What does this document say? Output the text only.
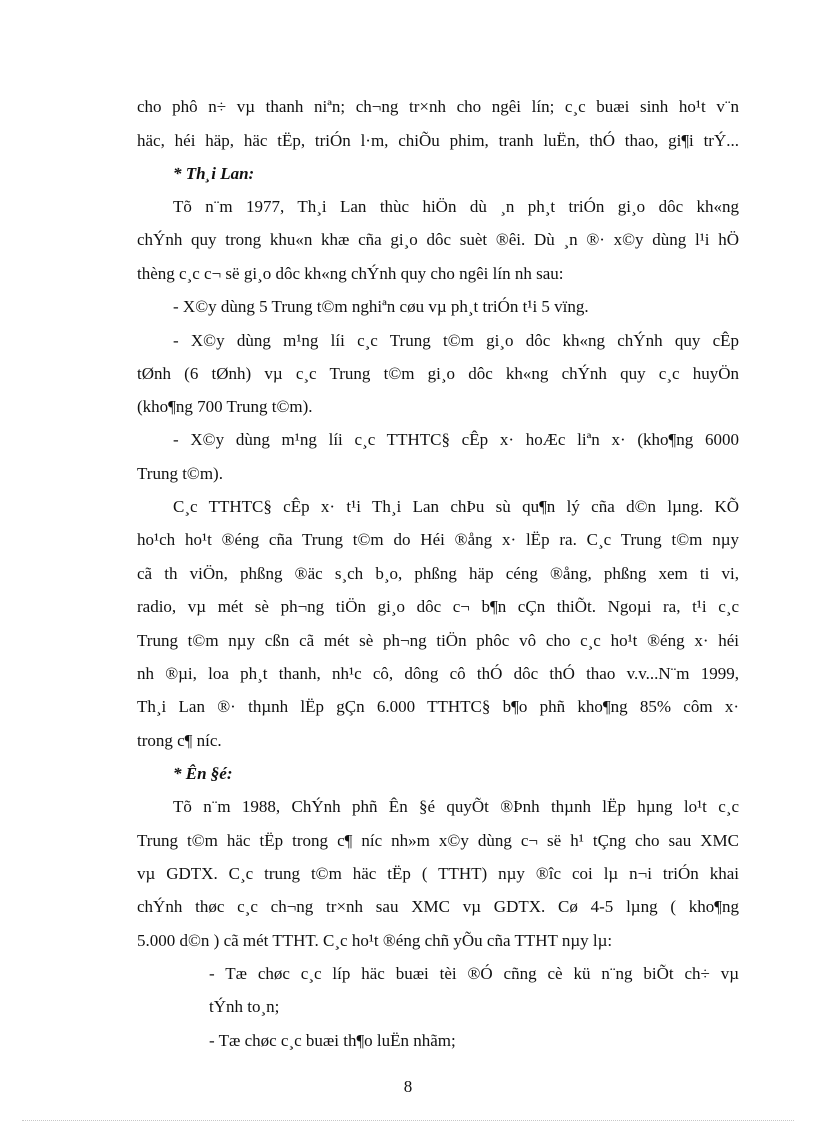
cho phô n÷ vµ thanh niªn; ch¬ng tr×nh cho ngêi lín; c¸c buæi sinh ho¹t v¨n
häc, héi häp, häc tËp, triÓn l·m, chiÕu phim, tranh luËn, thÓ thao, gi¶i trÝ...
* Th¸i Lan:
Tõ n¨m 1977, Th¸i Lan thùc hiÖn dù ¸n ph¸t triÓn gi¸o dôc kh«ng
chÝnh quy trong khu«n khæ cña gi¸o dôc suèt ®êi. Dù ¸n ®· x©y dùng l¹i hÖ
thèng c¸c c¬ së gi¸o dôc kh«ng chÝnh quy cho ngêi lín nh sau:
- X©y dùng 5 Trung t©m nghiªn cøu vµ ph¸t triÓn t¹i 5 vïng.
- X©y dùng m¹ng líi c¸c Trung t©m gi¸o dôc kh«ng chÝnh quy cÊp
tØnh (6 tØnh) vµ c¸c Trung t©m gi¸o dôc kh«ng chÝnh quy c¸c huyÖn
(kho¶ng 700 Trung t©m).
- X©y dùng m¹ng líi c¸c TTHTC§ cÊp x· hoÆc liªn x· (kho¶ng 6000
Trung t©m).
C¸c TTHTC§ cÊp x· t¹i Th¸i Lan chÞu sù qu¶n lý cña d©n lµng. KÕ
ho¹ch ho¹t ®éng cña Trung t©m do Héi ®ång x· lËp ra. C¸c Trung t©m nµy
cã th viÖn, phßng ®äc s¸ch b¸o, phßng häp céng ®ång, phßng xem ti vi,
radio, vµ mét sè ph¬ng tiÖn gi¸o dôc c¬ b¶n cÇn thiÕt. Ngoµi ra, t¹i c¸c
Trung t©m nµy cßn cã mét sè ph¬ng tiÖn phôc vô cho c¸c ho¹t ®éng x· héi
nh ®µi, loa ph¸t thanh, nh¹c cô, dông cô thÓ dôc thÓ thao v.v...N¨m 1999,
Th¸i Lan ®· thµnh lËp gÇn 6.000 TTHTC§ b¶o phñ kho¶ng 85% côm x·
trong c¶ níc.
* Ên §é:
Tõ n¨m 1988, ChÝnh phñ Ên §é quyÕt ®Þnh thµnh lËp hµng lo¹t c¸c
Trung t©m häc tËp trong c¶ níc nh»m x©y dùng c¬ së h¹ tÇng cho sau XMC
vµ GDTX. C¸c trung t©m häc tËp ( TTHT) nµy ®îc coi lµ n¬i triÓn khai
chÝnh thøc c¸c ch¬ng tr×nh sau XMC vµ GDTX. Cø 4-5 lµng ( kho¶ng
5.000 d©n ) cã mét TTHT. C¸c ho¹t ®éng chñ yÕu cña TTHT nµy lµ:
- Tæ chøc c¸c líp häc buæi tèi ®Ó cñng cè kü n¨ng biÕt ch÷ vµ
tÝnh to¸n;
- Tæ chøc c¸c buæi th¶o luËn nhãm;
8
